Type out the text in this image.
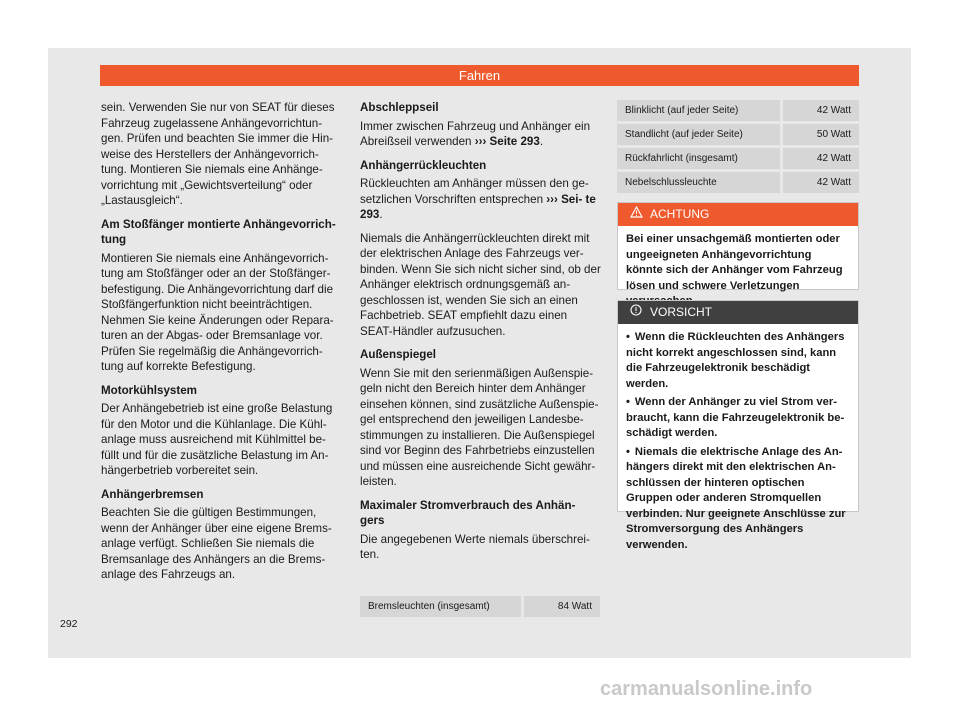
Fahren

sein. Verwenden Sie nur von SEAT für dieses Fahrzeug zugelassene Anhängevorrichtun- gen. Prüfen und beachten Sie immer die Hin- weise des Herstellers der Anhängevorrich- tung. Montieren Sie niemals eine Anhänge- vorrichtung mit „Gewichtsverteilung“ oder „Lastausgleich“.

Am Stoßfänger montierte Anhängevorrich- tung

Montieren Sie niemals eine Anhängevorrich- tung am Stoßfänger oder an der Stoßfänger- befestigung. Die Anhängevorrichtung darf die Stoßfängerfunktion nicht beeinträchtigen. Nehmen Sie keine Änderungen oder Repara- turen an der Abgas- oder Bremsanlage vor. Prüfen Sie regelmäßig die Anhängevorrich- tung auf korrekte Befestigung.

Motorkühlsystem

Der Anhängebetrieb ist eine große Belastung für den Motor und die Kühlanlage. Die Kühl- anlage muss ausreichend mit Kühlmittel be- füllt und für die zusätzliche Belastung im An- hängerbetrieb vorbereitet sein.

Anhängerbremsen

Beachten Sie die gültigen Bestimmungen, wenn der Anhänger über eine eigene Brems- anlage verfügt. Schließen Sie niemals die Bremsanlage des Anhängers an die Brems- anlage des Fahrzeugs an.

Abschleppseil

Immer zwischen Fahrzeug und Anhänger ein Abreißseil verwenden ››› Seite 293.

Anhängerrückleuchten

Rückleuchten am Anhänger müssen den ge- setzlichen Vorschriften entsprechen ››› Sei- te 293.

Niemals die Anhängerrückleuchten direkt mit der elektrischen Anlage des Fahrzeugs ver- binden. Wenn Sie sich nicht sicher sind, ob der Anhänger elektrisch ordnungsgemäß an- geschlossen ist, wenden Sie sich an einen Fachbetrieb. SEAT empfiehlt dazu einen SEAT-Händler aufzusuchen.

Außenspiegel

Wenn Sie mit den serienmäßigen Außenspie- geln nicht den Bereich hinter dem Anhänger einsehen können, sind zusätzliche Außenspie- gel entsprechend den jeweiligen Landesbe- stimmungen zu installieren. Die Außenspiegel sind vor Beginn des Fahrbetriebs einzustellen und müssen eine ausreichende Sicht gewähr- leisten.

Maximaler Stromverbrauch des Anhän- gers

Die angegebenen Werte niemals überschrei- ten.

Bremsleuchten (insgesamt)	84 Watt
Blinklicht (auf jeder Seite)	42 Watt
Standlicht (auf jeder Seite)	50 Watt
Rückfahrlicht (insgesamt)	42 Watt
Nebelschlussleuchte	42 Watt
ACHTUNG
Bei einer unsachgemäß montierten oder ungeeigneten Anhängevorrichtung könnte sich der Anhänger vom Fahrzeug lösen und schwere Verletzungen
VORSICHT
• Wenn die Rückleuchten des Anhängers nicht korrekt angeschlossen sind, kann die Fahrzeugelektronik beschädigt werden.
• Wenn der Anhänger zu viel Strom ver- braucht, kann die Fahrzeugelektronik be- schädigt werden.
• Niemals die elektrische Anlage des An- hängers direkt mit den elektrischen An- schlüssen der hinteren optischen Gruppen oder anderen Stromquellen verbinden. Nur geeignete Anschlüsse zur Stromversorgung des Anhängers verwenden.
292
carmanualsonline.info
